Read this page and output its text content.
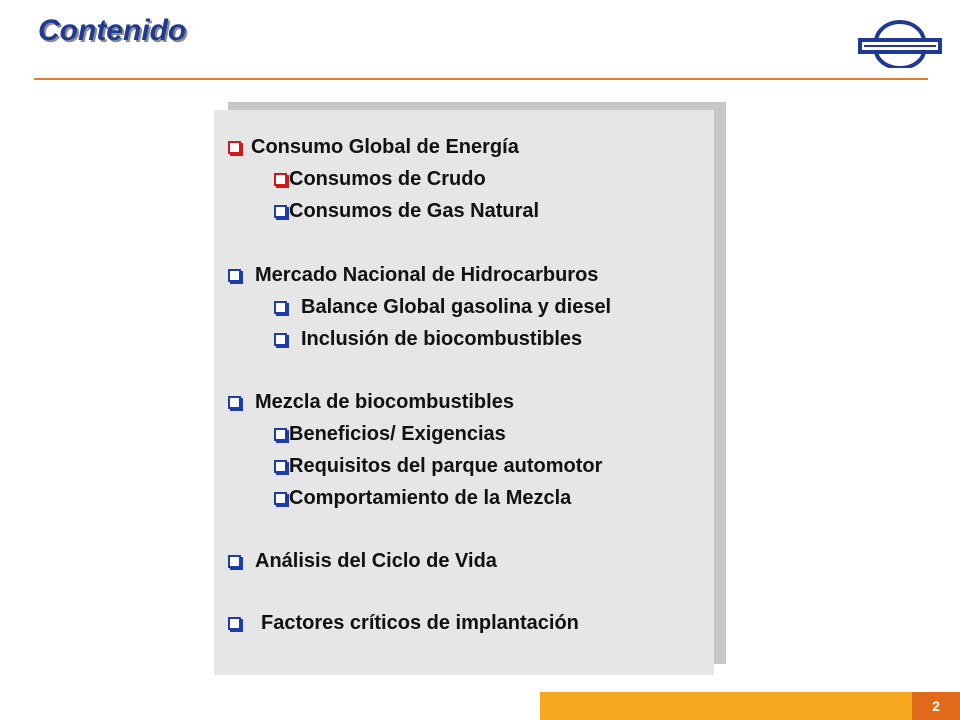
Contenido
Consumo Global de Energía
Consumos de Crudo
Consumos de Gas Natural
Mercado Nacional de Hidrocarburos
Balance Global gasolina y diesel
Inclusión de biocombustibles
Mezcla de biocombustibles
Beneficios/ Exigencias
Requisitos del parque automotor
Comportamiento de la Mezcla
Análisis del Ciclo de Vida
Factores críticos de implantación
2
